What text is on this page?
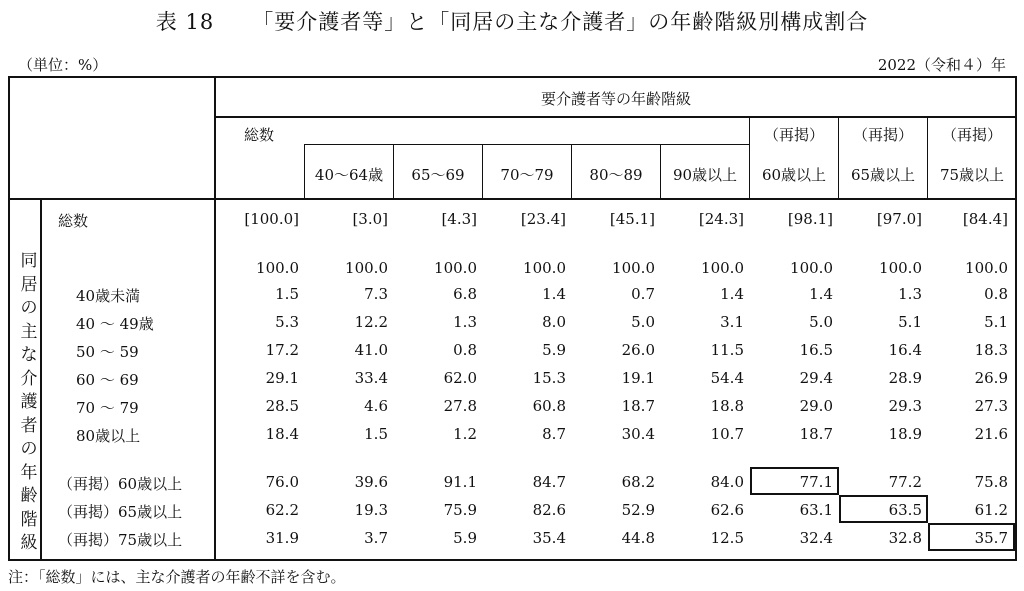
表 18 「要介護者等」と「同居の主な介護者」の年齢階級別構成割合
（単位：%）	2022（令和４）年
要介護者等の年齢階級
総数
40～64歳	65～69	70～79	80～89	90歳以上
（再掲）	（再掲）	（再掲）
60歳以上	65歳以上	75歳以上
同
居
の
主
な
介
護
者
の
年
齢
階
級
総数	[100.0]	[3.0]	[4.3]	[23.4]	[45.1]	[24.3]	[98.1]	[97.0]	[84.4]
100.0	100.0	100.0	100.0	100.0	100.0	100.0	100.0	100.0
40歳未満	1.5	7.3	6.8	1.4	0.7	1.4	1.4	1.3	0.8
40 ～ 49歳	5.3	12.2	1.3	8.0	5.0	3.1	5.0	5.1	5.1
50 ～ 59	17.2	41.0	0.8	5.9	26.0	11.5	16.5	16.4	18.3
60 ～ 69	29.1	33.4	62.0	15.3	19.1	54.4	29.4	28.9	26.9
70 ～ 79	28.5	4.6	27.8	60.8	18.7	18.8	29.0	29.3	27.3
80歳以上	18.4	1.5	1.2	8.7	30.4	10.7	18.7	18.9	21.6
（再掲）60歳以上	76.0	39.6	91.1	84.7	68.2	84.0	77.1	77.2	75.8
（再掲）65歳以上	62.2	19.3	75.9	82.6	52.9	62.6	63.1	63.5	61.2
（再掲）75歳以上	31.9	3.7	5.9	35.4	44.8	12.5	32.4	32.8	35.7
注：「総数」には、主な介護者の年齢不詳を含む。
